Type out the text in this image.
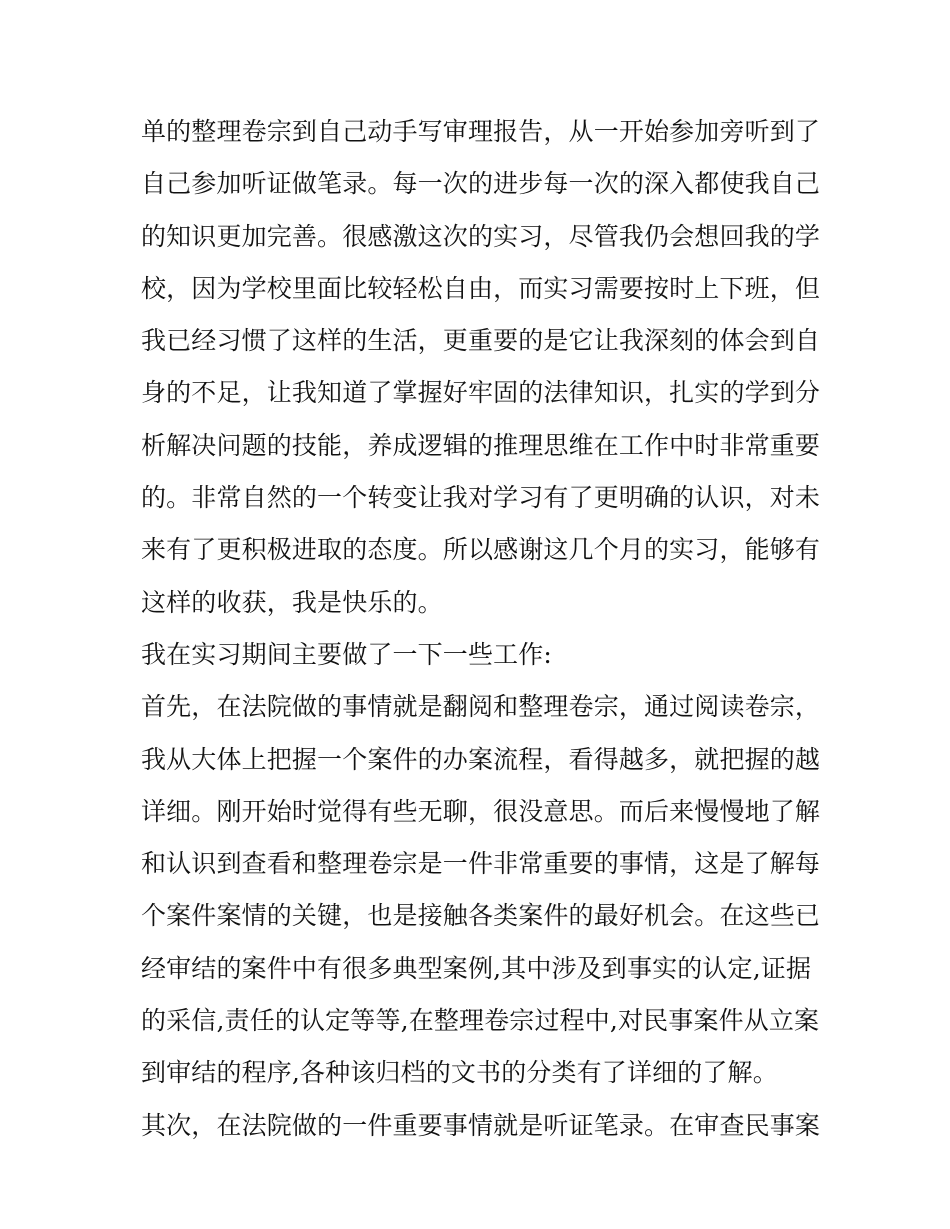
单的整理卷宗到自己动手写审理报告，从一开始参加旁听到了
自己参加听证做笔录。每一次的进步每一次的深入都使我自己
的知识更加完善。很感激这次的实习，尽管我仍会想回我的学
校，因为学校里面比较轻松自由，而实习需要按时上下班，但
我已经习惯了这样的生活，更重要的是它让我深刻的体会到自
身的不足，让我知道了掌握好牢固的法律知识，扎实的学到分
析解决问题的技能，养成逻辑的推理思维在工作中时非常重要
的。非常自然的一个转变让我对学习有了更明确的认识，对未
来有了更积极进取的态度。所以感谢这几个月的实习，能够有
这样的收获，我是快乐的。
我在实习期间主要做了一下一些工作:
首先，在法院做的事情就是翻阅和整理卷宗，通过阅读卷宗，
我从大体上把握一个案件的办案流程，看得越多，就把握的越
详细。刚开始时觉得有些无聊，很没意思。而后来慢慢地了解
和认识到查看和整理卷宗是一件非常重要的事情，这是了解每
个案件案情的关键，也是接触各类案件的最好机会。在这些已
经审结的案件中有很多典型案例,其中涉及到事实的认定,证据
的采信,责任的认定等等,在整理卷宗过程中,对民事案件从立案
到审结的程序,各种该归档的文书的分类有了详细的了解。
其次，在法院做的一件重要事情就是听证笔录。在审查民事案
